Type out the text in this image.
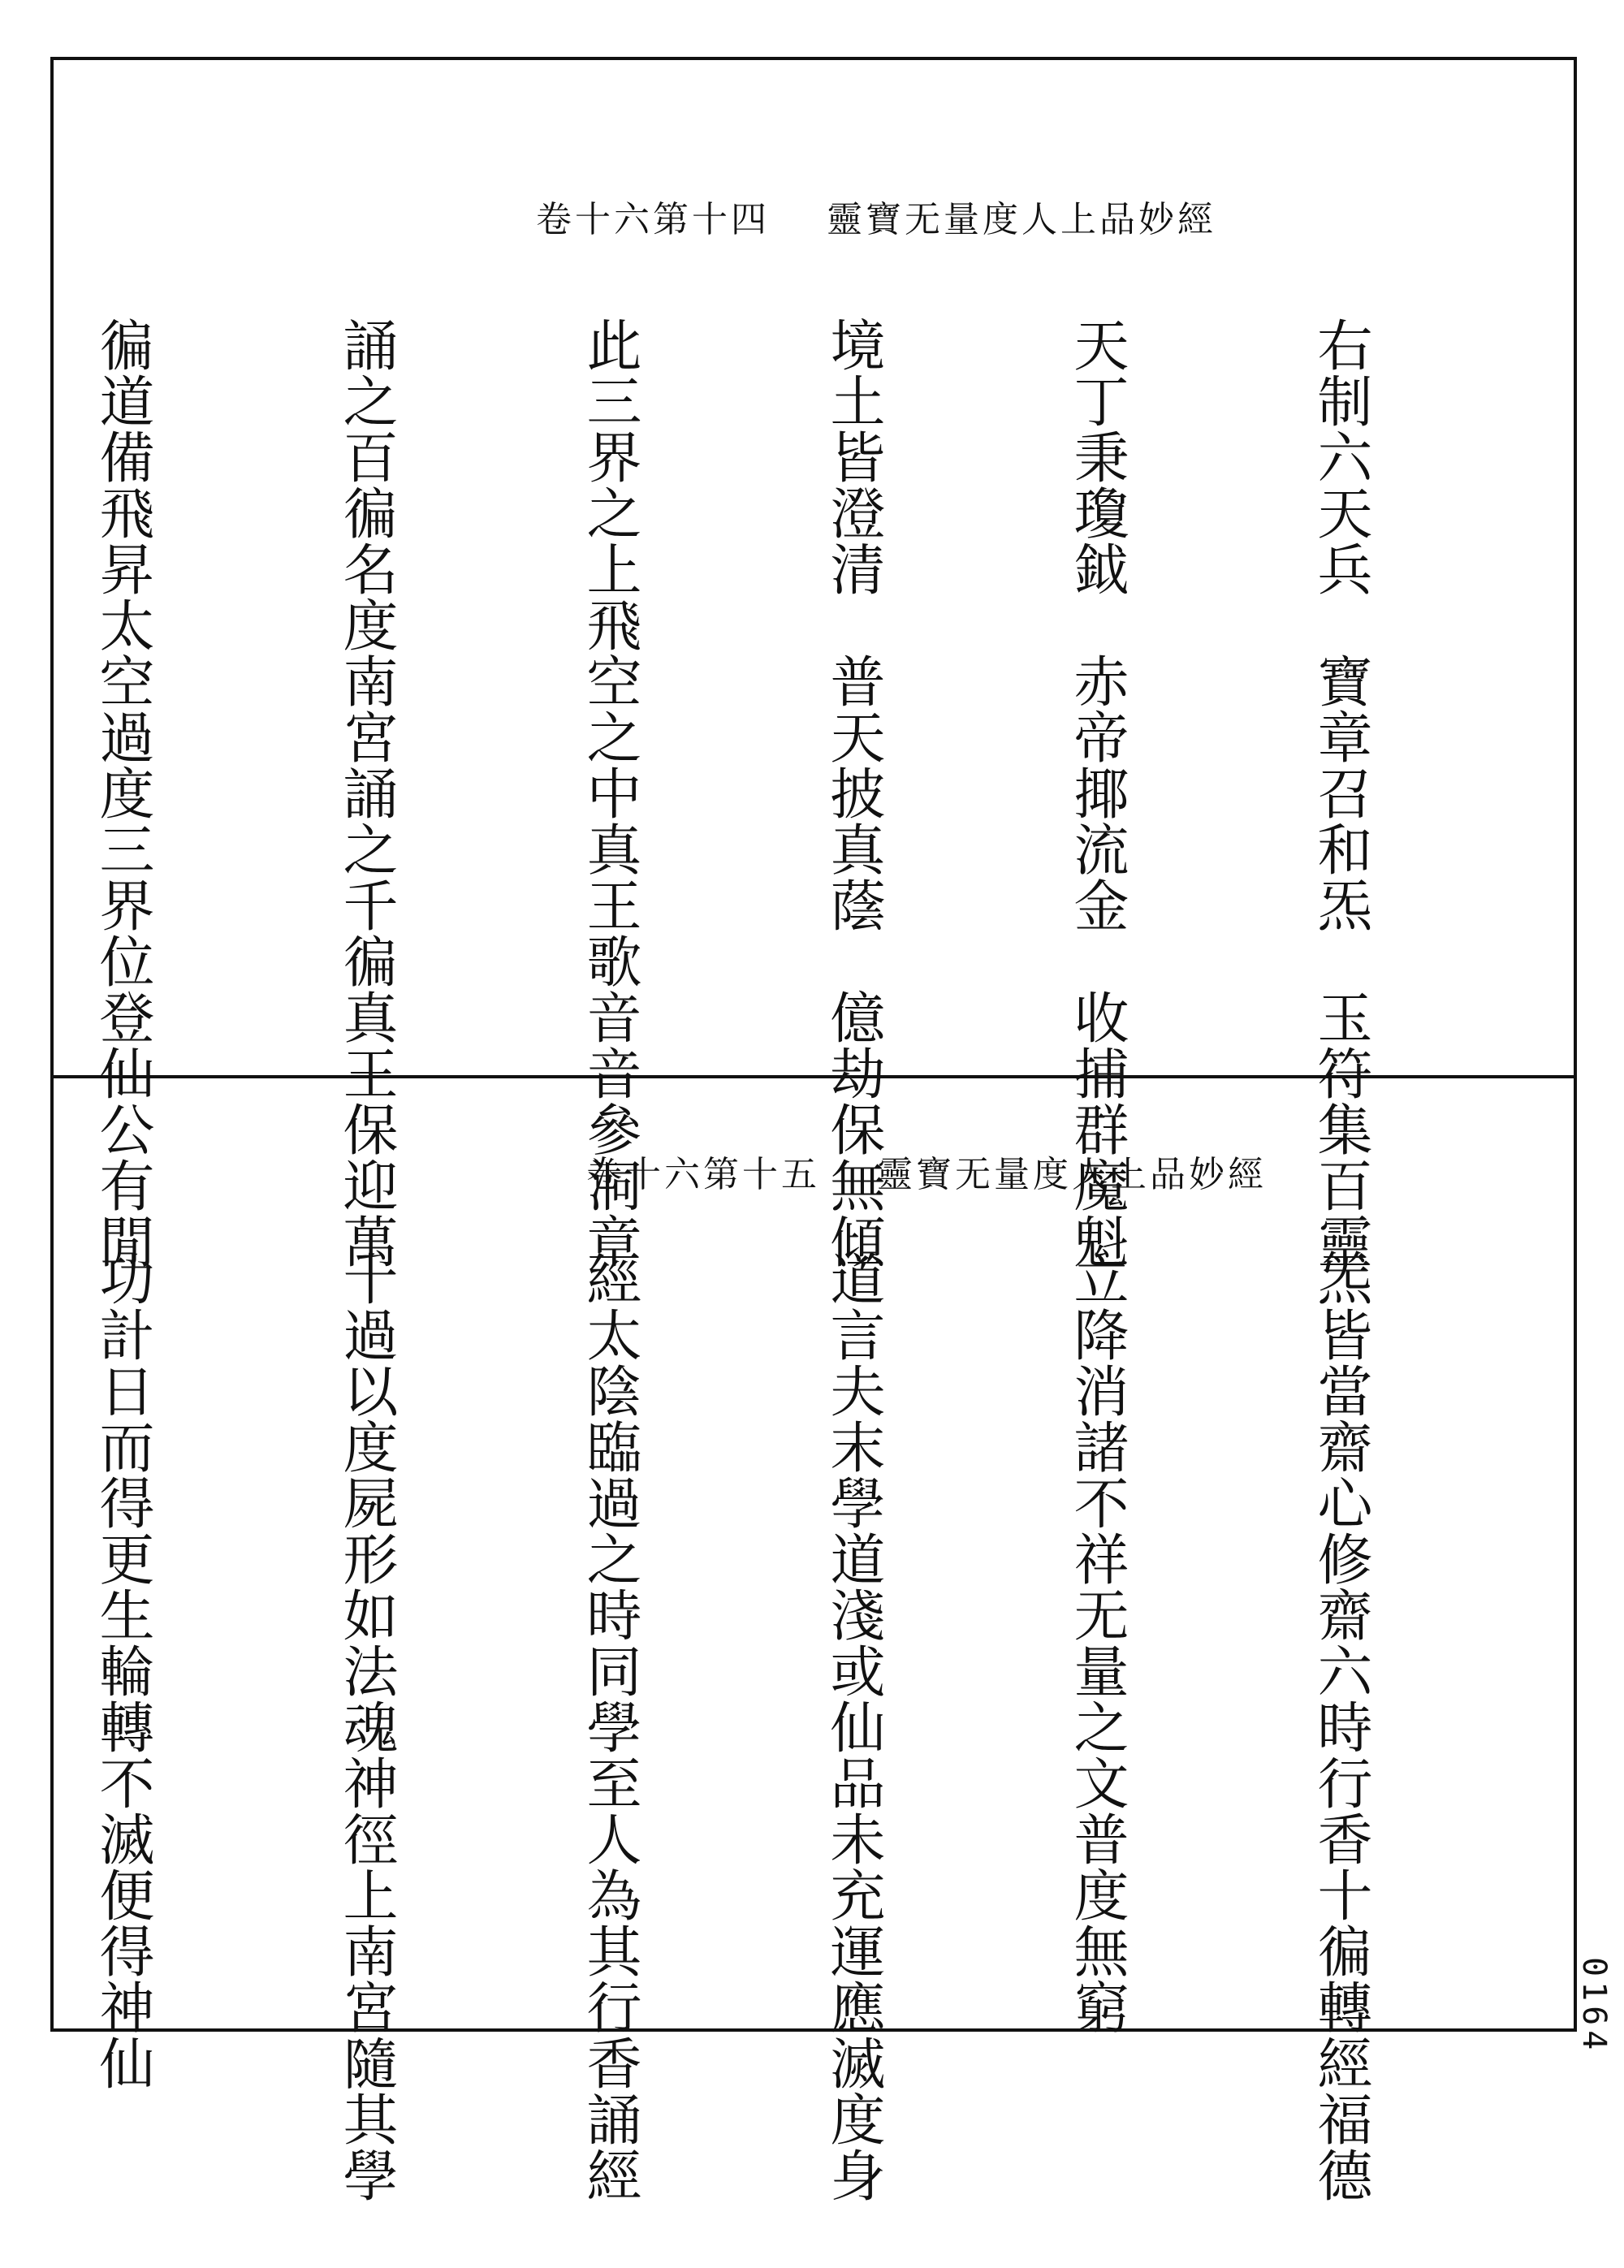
靈寶无量度人上品妙經
卷十六第十四

右制六天兵　寶章召和炁　玉符集百靈

天丁秉瓊鉞　赤帝揶流金　收捕群魔魁

境土皆澄清　普天披真蔭　億劫保無傾

此三界之上飛空之中真王歌音音參洞章

誦之百徧名度南宮誦之千徧真王保迎萬

徧道備飛昇太空過度三界位登仙公有閒

	靈寶无量度人上品妙經
卷十六第十五

炁皆當齋心修齋六時行香十徧轉經福德

立降消諸不祥无量之文普度無窮

道言夫末學道淺或仙品未充運應滅度身

經太陰臨過之時同學至人為其行香誦經

十過以度屍形如法魂神徑上南宮隨其學

功計日而得更生輪轉不滅便得神仙

	0164
